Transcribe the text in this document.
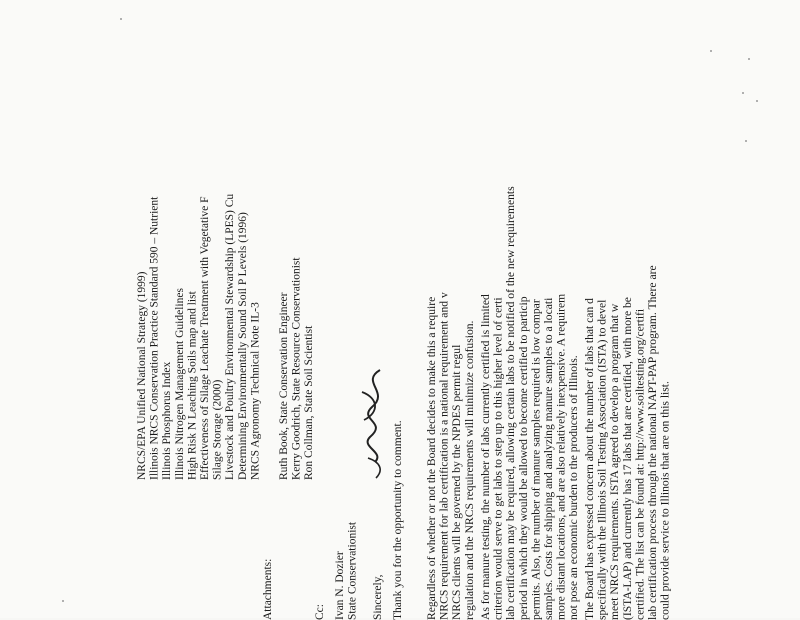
The Board has expressed concern about the number of labs that can d specifically with the Illinois Soil Testing Association (ISTA) to devel meet NRCS requirements. ISTA agreed to develop a program that w (ISTA-LAP) and currently has 17 labs that are certified, with more be certified. The list can be found at: http://www.soiltesting.org/certifi lab certification process through the national NAPT-PAP program. There are could provide service to Illinois that are on this list.
As for manure testing, the number of labs currently certified is limited criterion would serve to get labs to step up to this higher level of certi lab certification may be required, allowing certain labs to be notified of the new requirements period in which they would be allowed to become certified to particip permits. Also, the number of manure samples required is low compar samples. Costs for shipping and analyzing manure samples to a locati more distant locations, and are also relatively inexpensive. A requirem not pose an economic burden to the producers of Illinois.
Regardless of whether or not the Board decides to make this a require NRCS requirement for lab certification is a national requirement and v NRCS clients will be governed by the NPDES permit regul regulation and the NRCS requirements will minimize confusion.
Thank you for the opportunity to comment.
Sincerely,
Ivan N. Dozier State Conservationist
Cc:
Ruth Book, State Conservation Engineer Kerry Goodrich, State Resource Conservationist Ron Collman, State Soil Scientist
Attachments:
NRCS/EPA Unified National Strategy (1999) Illinois NRCS Conservation Practice Standard 590 – Nutrient Illinois Phosphorus Index Illinois Nitrogen Management Guidelines High Risk N Leaching Soils map and list Effectiveness of Silage Leachate Treatment with Vegetative F Silage Storage (2000) Livestock and Poultry Environmental Stewardship (LPES) Cu Determining Environmentally Sound Soil P Levels (1996) NRCS Agronomy Technical Note IL-3
